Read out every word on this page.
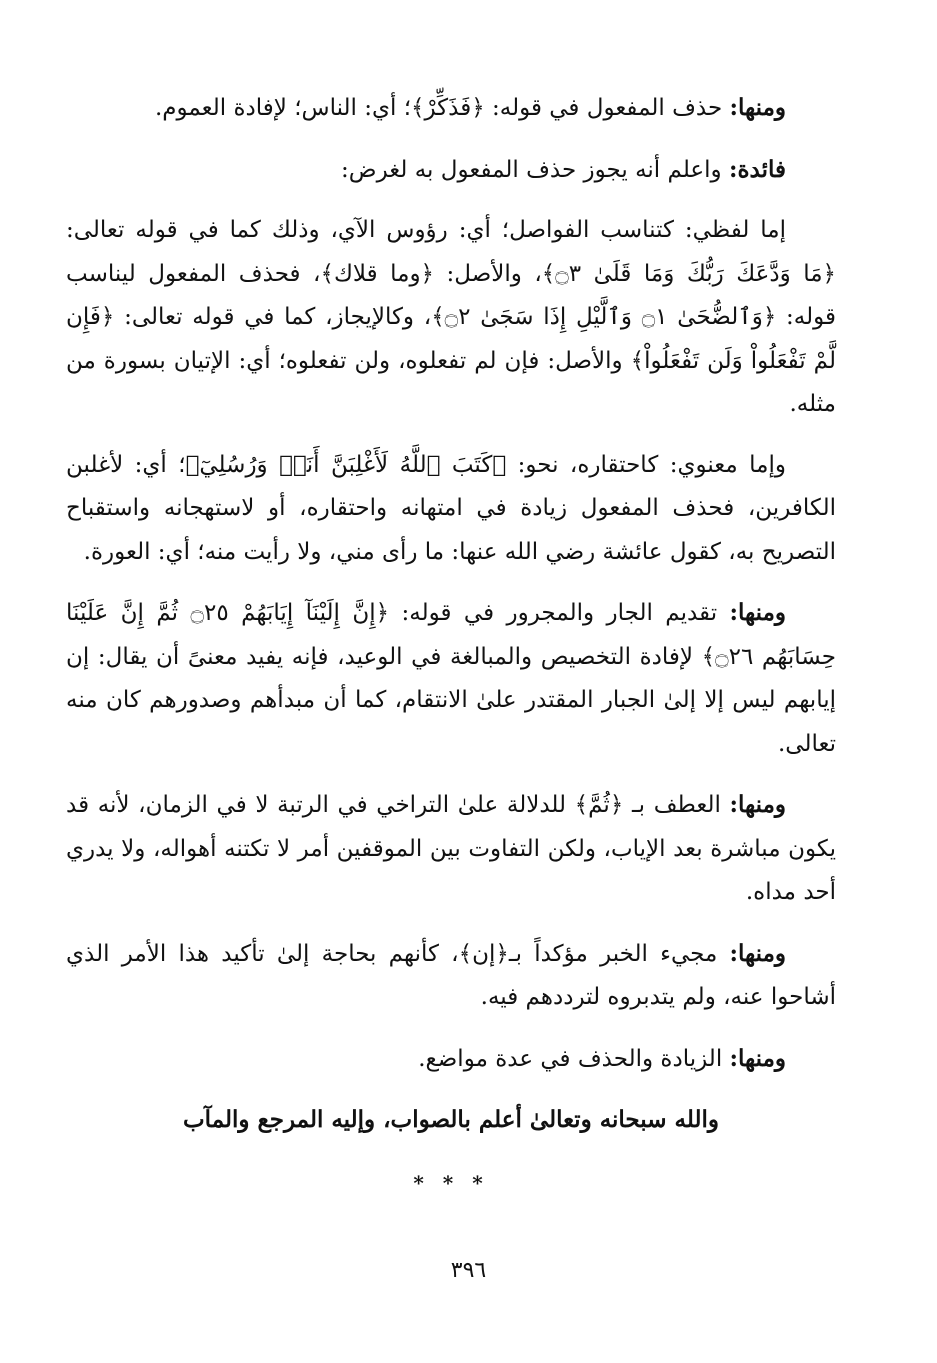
ومنها: حذف المفعول في قوله: ﴿فَذَكِّرْ﴾؛ أي: الناس؛ لإفادة العموم.

فائدة: واعلم أنه يجوز حذف المفعول به لغرض:

إما لفظي: كتناسب الفواصل؛ أي: رؤوس الآي، وذلك كما في قوله تعالى: ﴿مَا وَدَّعَكَ رَبُّكَ وَمَا قَلَىٰ ۝٣﴾، والأصل: ﴿وما قلاك﴾، فحذف المفعول ليناسب قوله: ﴿وَٱلضُّحَىٰ ۝١ وَٱلَّيْلِ إِذَا سَجَىٰ ۝٢﴾، وكالإيجاز، كما في قوله تعالى: ﴿فَإِن لَّمْ تَفْعَلُواْ وَلَن تَفْعَلُواْ﴾ والأصل: فإن لم تفعلوه، ولن تفعلوه؛ أي: الإتيان بسورة من مثله.

وإما معنوي: كاحتقاره، نحو: ﴿كَتَبَ ٱللَّهُ لَأَغْلِبَنَّ أَنَا۠ وَرُسُلِيٓ﴾؛ أي: لأغلبن الكافرين، فحذف المفعول زيادة في امتهانه واحتقاره، أو لاستهجانه واستقباح التصريح به، كقول عائشة رضي الله عنها: ما رأى مني، ولا رأيت منه؛ أي: العورة.

ومنها: تقديم الجار والمجرور في قوله: ﴿إِنَّ إِلَيْنَآ إِيَابَهُمْ ۝٢٥ ثُمَّ إِنَّ عَلَيْنَا حِسَابَهُم ۝٢٦﴾ لإفادة التخصيص والمبالغة في الوعيد، فإنه يفيد معنىً أن يقال: إن إيابهم ليس إلا إلىٰ الجبار المقتدر علىٰ الانتقام، كما أن مبدأهم وصدورهم كان منه تعالى.

ومنها: العطف بـ ﴿ثُمَّ﴾ للدلالة علىٰ التراخي في الرتبة لا في الزمان، لأنه قد يكون مباشرة بعد الإياب، ولكن التفاوت بين الموقفين أمر لا تكتنه أهواله، ولا يدري أحد مداه.

ومنها: مجيء الخبر مؤكداً بـ﴿إن﴾، كأنهم بحاجة إلىٰ تأكيد هذا الأمر الذي أشاحوا عنه، ولم يتدبروه لترددهم فيه.

ومنها: الزيادة والحذف في عدة مواضع.

والله سبحانه وتعالىٰ أعلم بالصواب، وإليه المرجع والمآب

* * *

٣٩٦
